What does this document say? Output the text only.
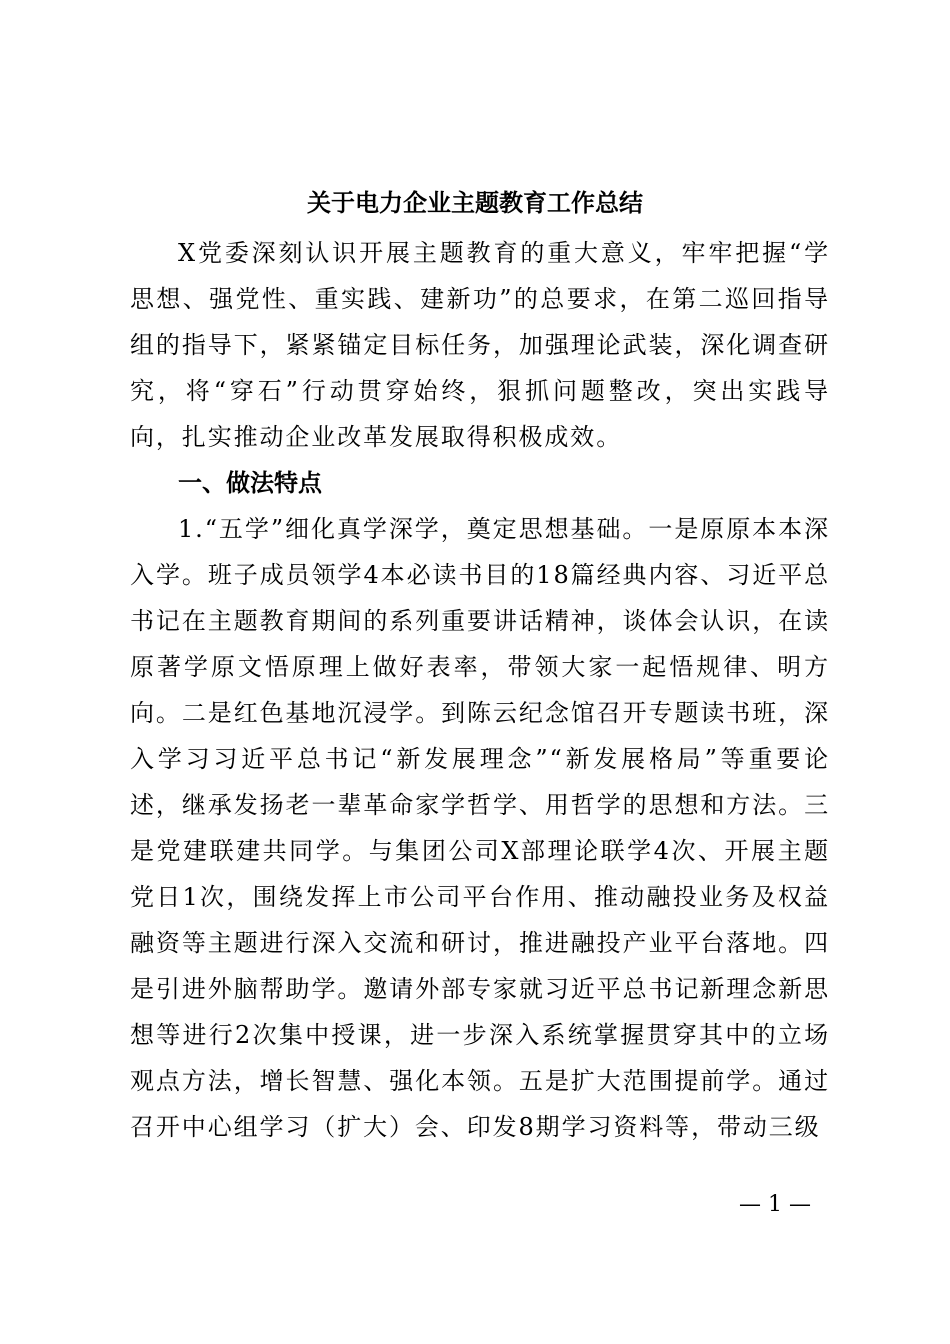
关于电力企业主题教育工作总结

X党委深刻认识开展主题教育的重大意义，牢牢把握“学思想、强党性、重实践、建新功”的总要求，在第二巡回指导组的指导下，紧紧锚定目标任务，加强理论武装，深化调查研究，将“穿石”行动贯穿始终，狠抓问题整改，突出实践导向，扎实推动企业改革发展取得积极成效。

一、做法特点

1.“五学”细化真学深学，奠定思想基础。一是原原本本深入学。班子成员领学4本必读书目的18篇经典内容、习近平总书记在主题教育期间的系列重要讲话精神，谈体会认识，在读原著学原文悟原理上做好表率，带领大家一起悟规律、明方向。二是红色基地沉浸学。到陈云纪念馆召开专题读书班，深入学习习近平总书记“新发展理念”“新发展格局”等重要论述，继承发扬老一辈革命家学哲学、用哲学的思想和方法。三是党建联建共同学。与集团公司X部理论联学4次、开展主题党日1次，围绕发挥上市公司平台作用、推动融投业务及权益融资等主题进行深入交流和研讨，推进融投产业平台落地。四是引进外脑帮助学。邀请外部专家就习近平总书记新理念新思想等进行2次集中授课，进一步深入系统掌握贯穿其中的立场观点方法，增长智慧、强化本领。五是扩大范围提前学。通过召开中心组学习（扩大）会、印发8期学习资料等，带动三级

— 1 —
